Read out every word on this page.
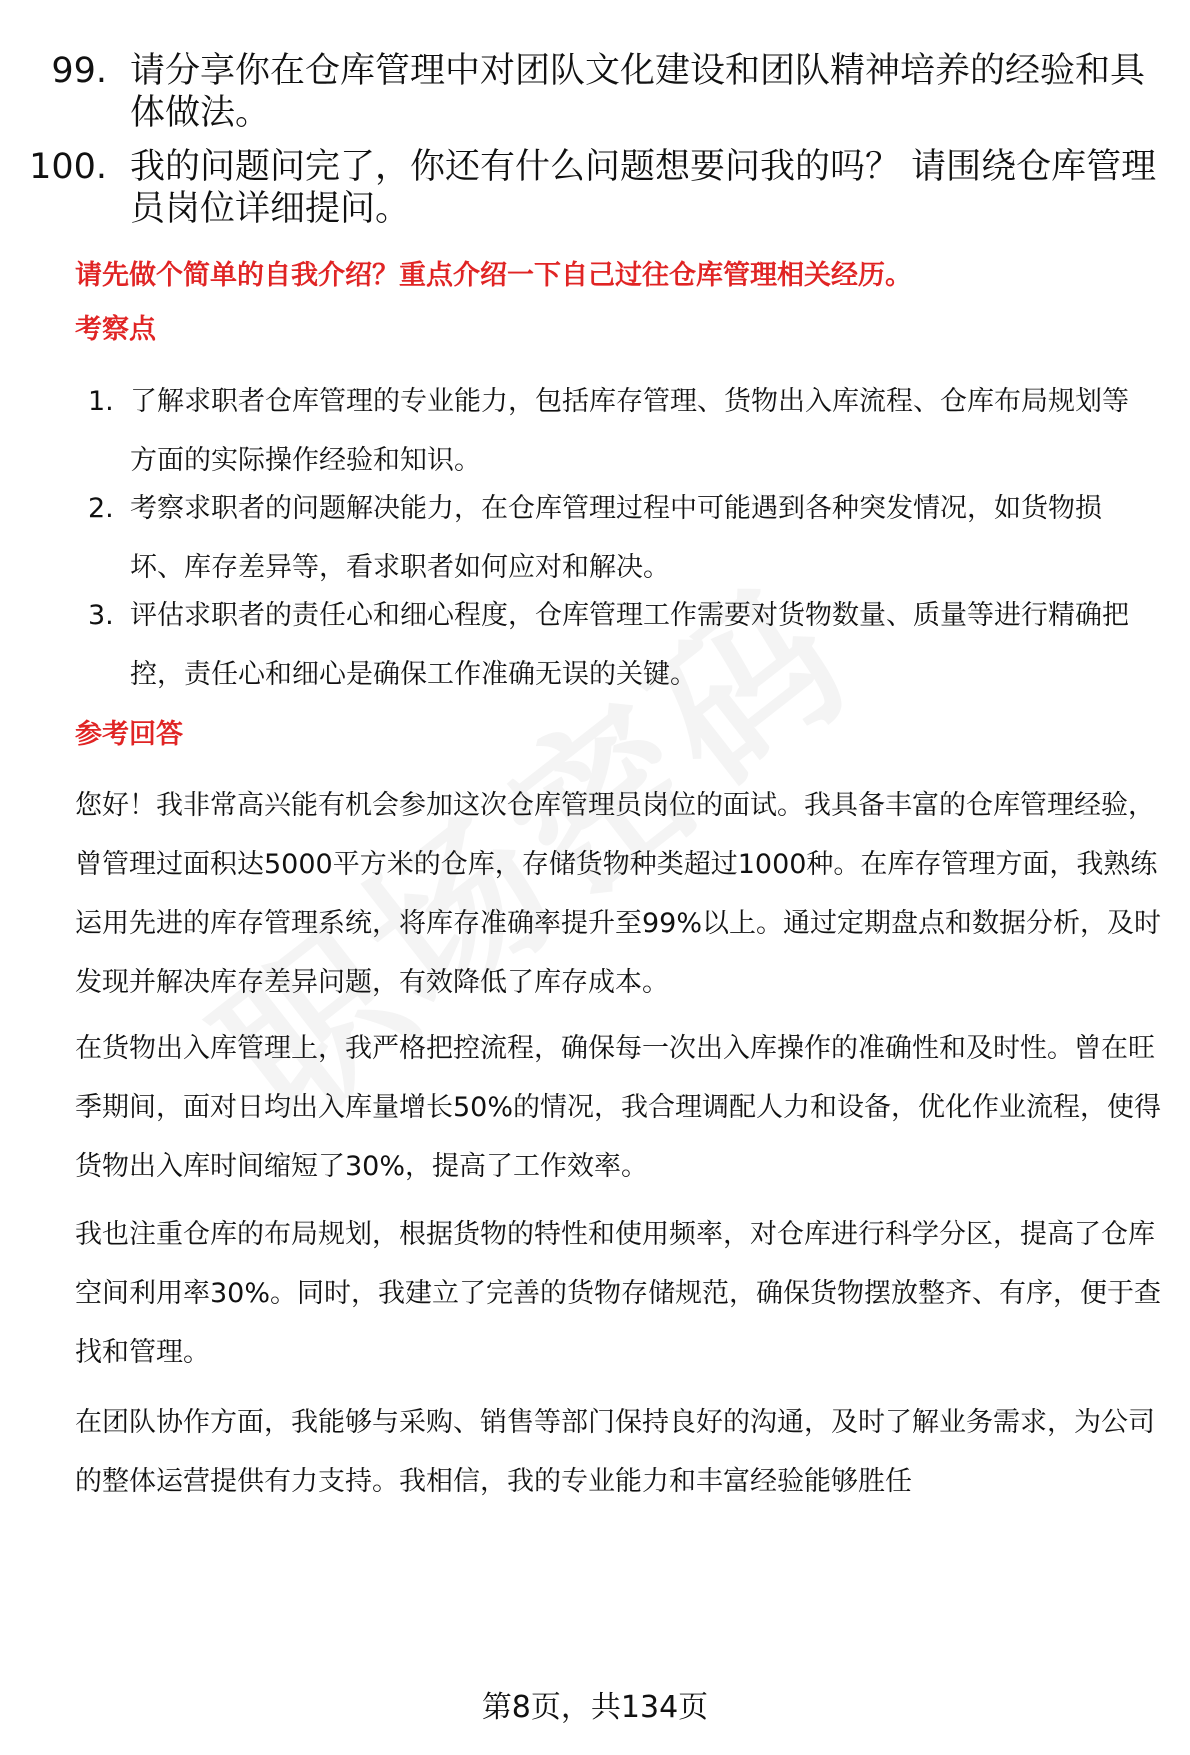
99. 请分享你在仓库管理中对团队文化建设和团队精神培养的经验和具体做法。
100. 我的问题问完了，你还有什么问题想要问我的吗？ 请围绕仓库管理员岗位详细提问。
请先做个简单的自我介绍？重点介绍一下自己过往仓库管理相关经历。
考察点
1. 了解求职者仓库管理的专业能力，包括库存管理、货物出入库流程、仓库布局规划等方面的实际操作经验和知识。
2. 考察求职者的问题解决能力，在仓库管理过程中可能遇到各种突发情况，如货物损坏、库存差异等，看求职者如何应对和解决。
3. 评估求职者的责任心和细心程度，仓库管理工作需要对货物数量、质量等进行精确把控，责任心和细心是确保工作准确无误的关键。
参考回答
您好！我非常高兴能有机会参加这次仓库管理员岗位的面试。我具备丰富的仓库管理经验，曾管理过面积达5000平方米的仓库，存储货物种类超过1000种。在库存管理方面，我熟练运用先进的库存管理系统，将库存准确率提升至99%以上。通过定期盘点和数据分析，及时发现并解决库存差异问题，有效降低了库存成本。
在货物出入库管理上，我严格把控流程，确保每一次出入库操作的准确性和及时性。曾在旺季期间，面对日均出入库量增长50%的情况，我合理调配人力和设备，优化作业流程，使得货物出入库时间缩短了30%，提高了工作效率。
我也注重仓库的布局规划，根据货物的特性和使用频率，对仓库进行科学分区，提高了仓库空间利用率30%。同时，我建立了完善的货物存储规范，确保货物摆放整齐、有序，便于查找和管理。
在团队协作方面，我能够与采购、销售等部门保持良好的沟通，及时了解业务需求，为公司的整体运营提供有力支持。我相信，我的专业能力和丰富经验能够胜任
第8页，共134页
